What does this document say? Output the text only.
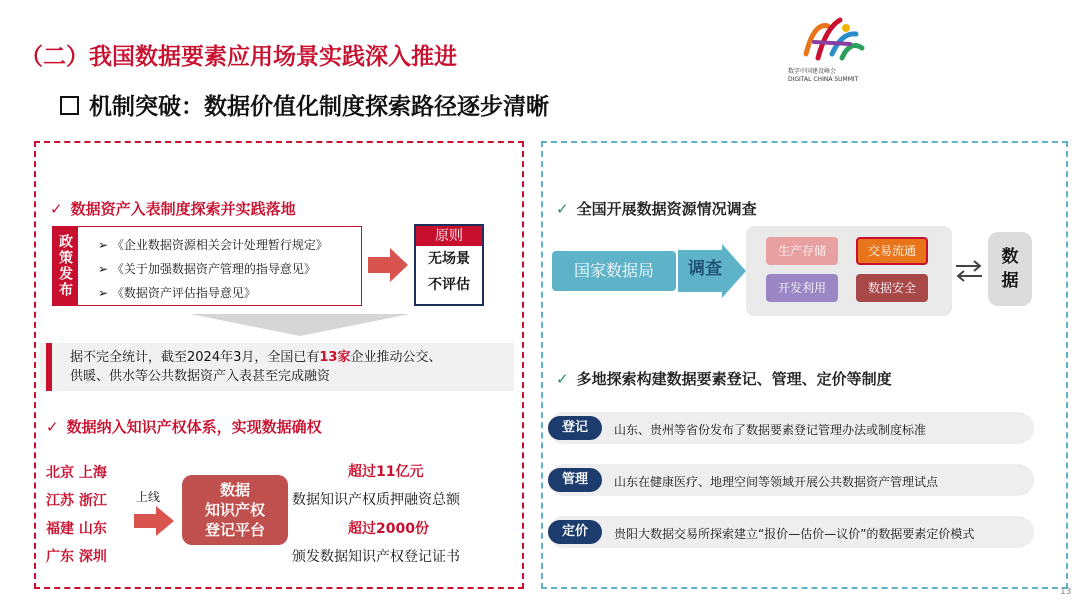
（二）我国数据要素应用场景实践深入推进
机制突破：数据价值化制度探索路径逐步清晰
数字中国建设峰会
DIGITAL CHINA SUMMIT
✓ 数据资产入表制度探索并实践落地
政策发布	➢ 《企业数据资源相关会计处理暂行规定》
➢ 《关于加强数据资产管理的指导意见》
➢ 《数据资产评估指导意见》
原则
无场景
不评估
据不完全统计，截至2024年3月，全国已有13家企业推动公交、
供暖、供水等公共数据资产入表甚至完成融资
✓ 数据纳入知识产权体系，实现数据确权
北京 上海
江苏 浙江
福建 山东
广东 深圳
上线	数据
知识产权
登记平台
超过11亿元
数据知识产权质押融资总额
超过2000份
颁发数据知识产权登记证书
✓ 全国开展数据资源情况调查
国家数据局	调查
生产存储	交易流通
开发利用	数据安全
数
据
✓ 多地探索构建数据要素登记、管理、定价等制度
登记	山东、贵州等省份发布了数据要素登记管理办法或制度标准
管理	山东在健康医疗、地理空间等领域开展公共数据资产管理试点
定价	贵阳大数据交易所探索建立“报价—估价—议价”的数据要素定价模式
13
